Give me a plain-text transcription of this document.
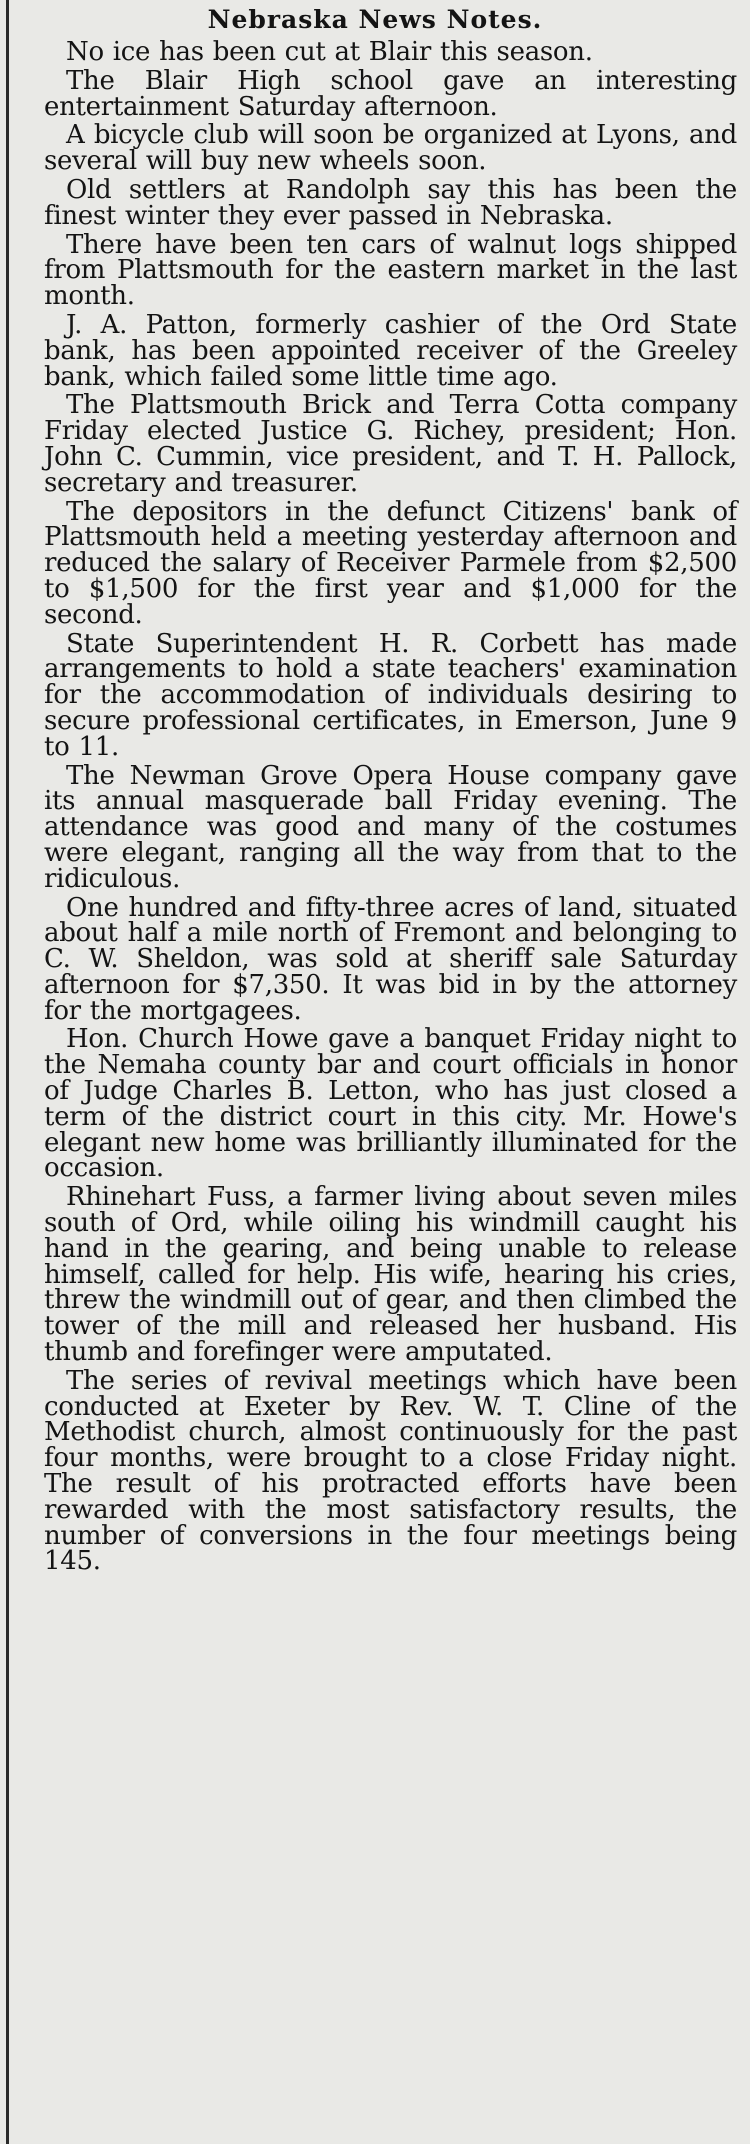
Nebraska News Notes.

No ice has been cut at Blair this season.

The Blair High school gave an interesting entertainment Saturday afternoon.

A bicycle club will soon be organized at Lyons, and several will buy new wheels soon.

Old settlers at Randolph say this has been the finest winter they ever passed in Nebraska.

There have been ten cars of walnut logs shipped from Plattsmouth for the eastern market in the last month.

J. A. Patton, formerly cashier of the Ord State bank, has been appointed receiver of the Greeley bank, which failed some little time ago.

The Plattsmouth Brick and Terra Cotta company Friday elected Justice G. Richey, president; Hon. John C. Cummin, vice president, and T. H. Pallock, secretary and treasurer.

The depositors in the defunct Citizens' bank of Plattsmouth held a meeting yesterday afternoon and reduced the salary of Receiver Parmele from $2,500 to $1,500 for the first year and $1,000 for the second.

State Superintendent H. R. Corbett has made arrangements to hold a state teachers' examination for the accommodation of individuals desiring to secure professional certificates, in Emerson, June 9 to 11.

The Newman Grove Opera House company gave its annual masquerade ball Friday evening. The attendance was good and many of the costumes were elegant, ranging all the way from that to the ridiculous.

One hundred and fifty-three acres of land, situated about half a mile north of Fremont and belonging to C. W. Sheldon, was sold at sheriff sale Saturday afternoon for $7,350. It was bid in by the attorney for the mortgagees.

Hon. Church Howe gave a banquet Friday night to the Nemaha county bar and court officials in honor of Judge Charles B. Letton, who has just closed a term of the district court in this city. Mr. Howe's elegant new home was brilliantly illuminated for the occasion.

Rhinehart Fuss, a farmer living about seven miles south of Ord, while oiling his windmill caught his hand in the gearing, and being unable to release himself, called for help. His wife, hearing his cries, threw the windmill out of gear, and then climbed the tower of the mill and released her husband. His thumb and forefinger were amputated.

The series of revival meetings which have been conducted at Exeter by Rev. W. T. Cline of the Methodist church, almost continuously for the past four months, were brought to a close Friday night. The result of his protracted efforts have been rewarded with the most satisfactory results, the number of conversions in the four meetings being 145.
